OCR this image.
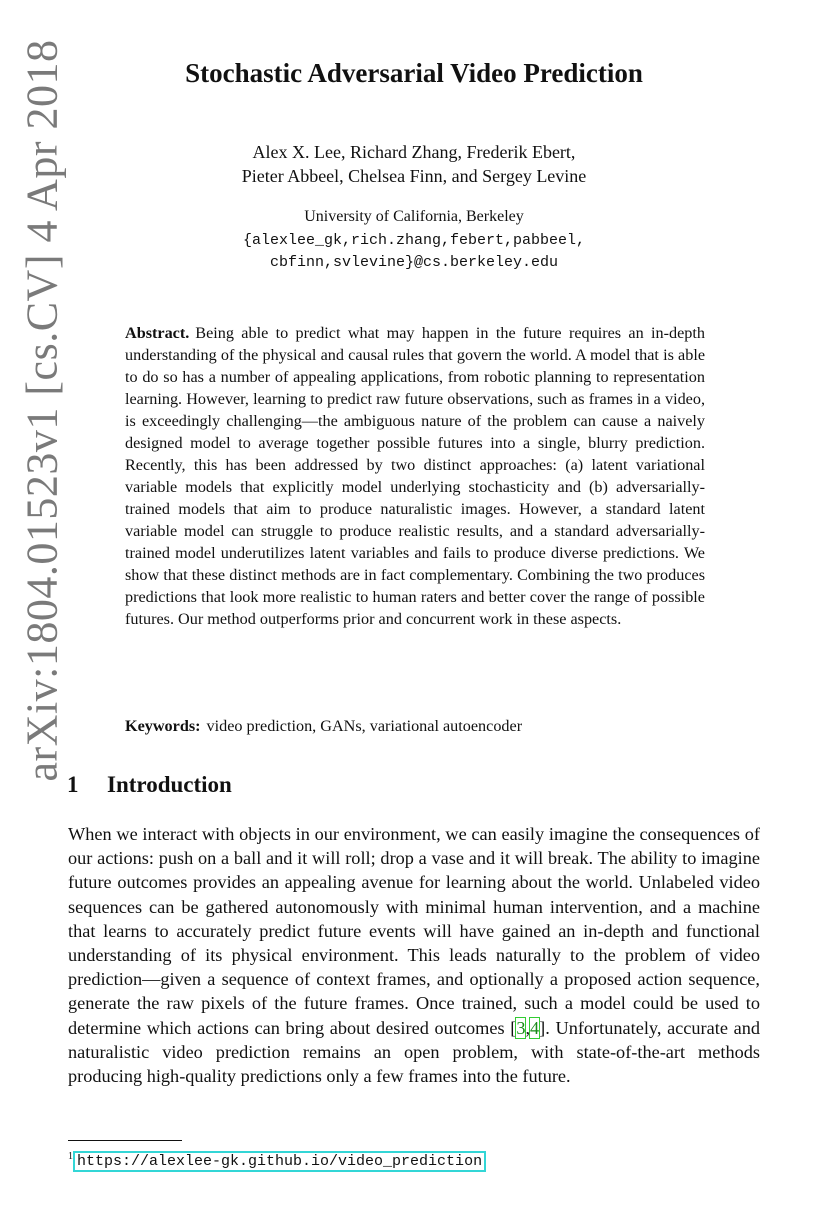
arXiv:1804.01523v1 [cs.CV] 4 Apr 2018	Stochastic Adversarial Video Prediction
Alex X. Lee, Richard Zhang, Frederik Ebert,
Pieter Abbeel, Chelsea Finn, and Sergey Levine
University of California, Berkeley
{alexlee_gk,rich.zhang,febert,pabbeel,
cbfinn,svlevine}@cs.berkeley.edu

Abstract. Being able to predict what may happen in the future requires an in-depth understanding of the physical and causal rules that govern the world. A model that is able to do so has a number of appealing applications, from robotic planning to representation learning. However, learning to predict raw future observations, such as frames in a video, is exceedingly challenging—the ambiguous nature of the problem can cause a naively designed model to average together possible futures into a single, blurry prediction. Recently, this has been addressed by two distinct approaches: (a) latent variational variable models that explicitly model underlying stochasticity and (b) adversarially-trained models that aim to produce naturalistic images. However, a standard latent variable model can struggle to produce realistic results, and a standard adversarially-trained model underutilizes latent variables and fails to produce diverse predictions. We show that these distinct methods are in fact complementary. Combining the two produces predictions that look more realistic to human raters and better cover the range of possible futures. Our method outperforms prior and concurrent work in these aspects.

Keywords: video prediction, GANs, variational autoencoder

1 Introduction

When we interact with objects in our environment, we can easily imagine the consequences of our actions: push on a ball and it will roll; drop a vase and it will break. The ability to imagine future outcomes provides an appealing avenue for learning about the world. Unlabeled video sequences can be gathered autonomously with minimal human intervention, and a machine that learns to accurately predict future events will have gained an in-depth and functional understanding of its physical environment. This leads naturally to the problem of video prediction—given a sequence of context frames, and optionally a proposed action sequence, generate the raw pixels of the future frames. Once trained, such a model could be used to determine which actions can bring about desired outcomes [3,4]. Unfortunately, accurate and naturalistic video prediction remains an open problem, with state-of-the-art methods producing high-quality predictions only a few frames into the future.

$^1$ https://alexlee-gk.github.io/video_prediction
